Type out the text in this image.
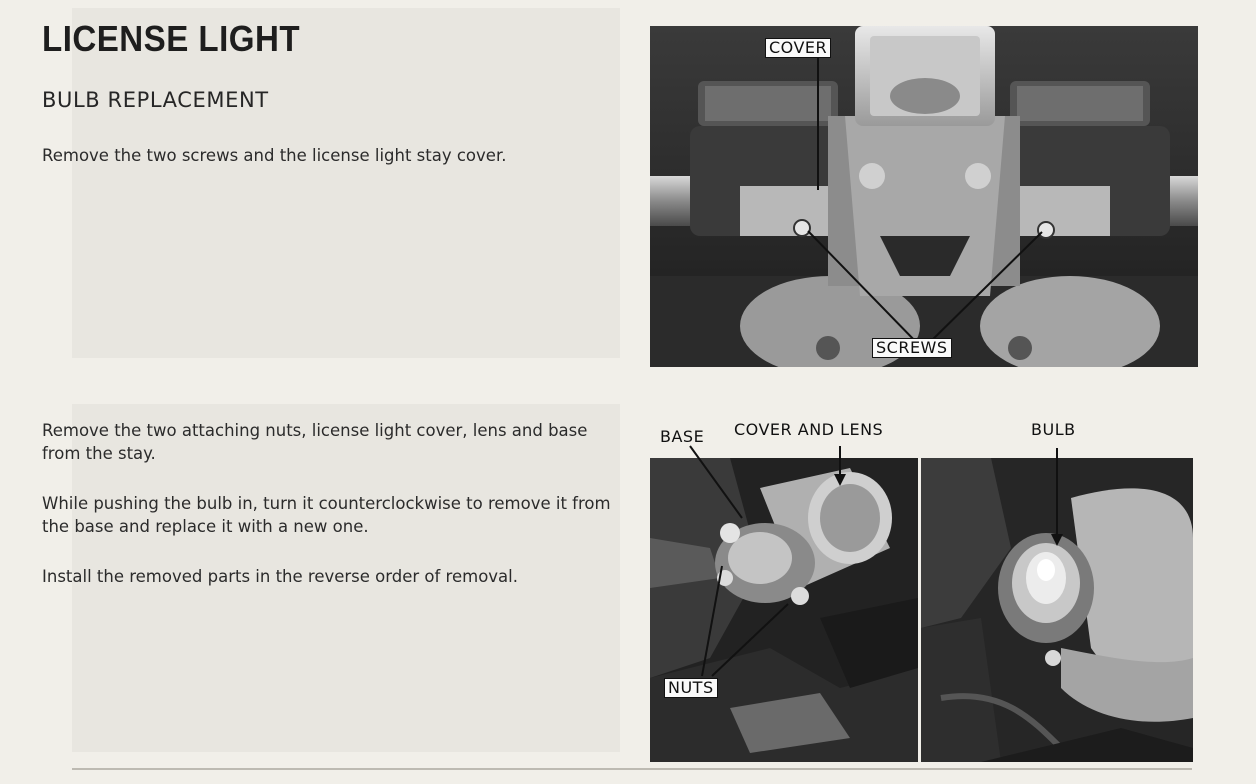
LICENSE LIGHT
BULB REPLACEMENT

Remove the two screws and the license light stay cover.

Remove the two attaching nuts, license light cover, lens and base from the stay.

While pushing the bulb in, turn it counterclockwise to remove it from the base and replace it with a new one.

Install the removed parts in the reverse order of removal.

COVER
SCREWS
BASE COVER AND LENS
NUTS
BULB
